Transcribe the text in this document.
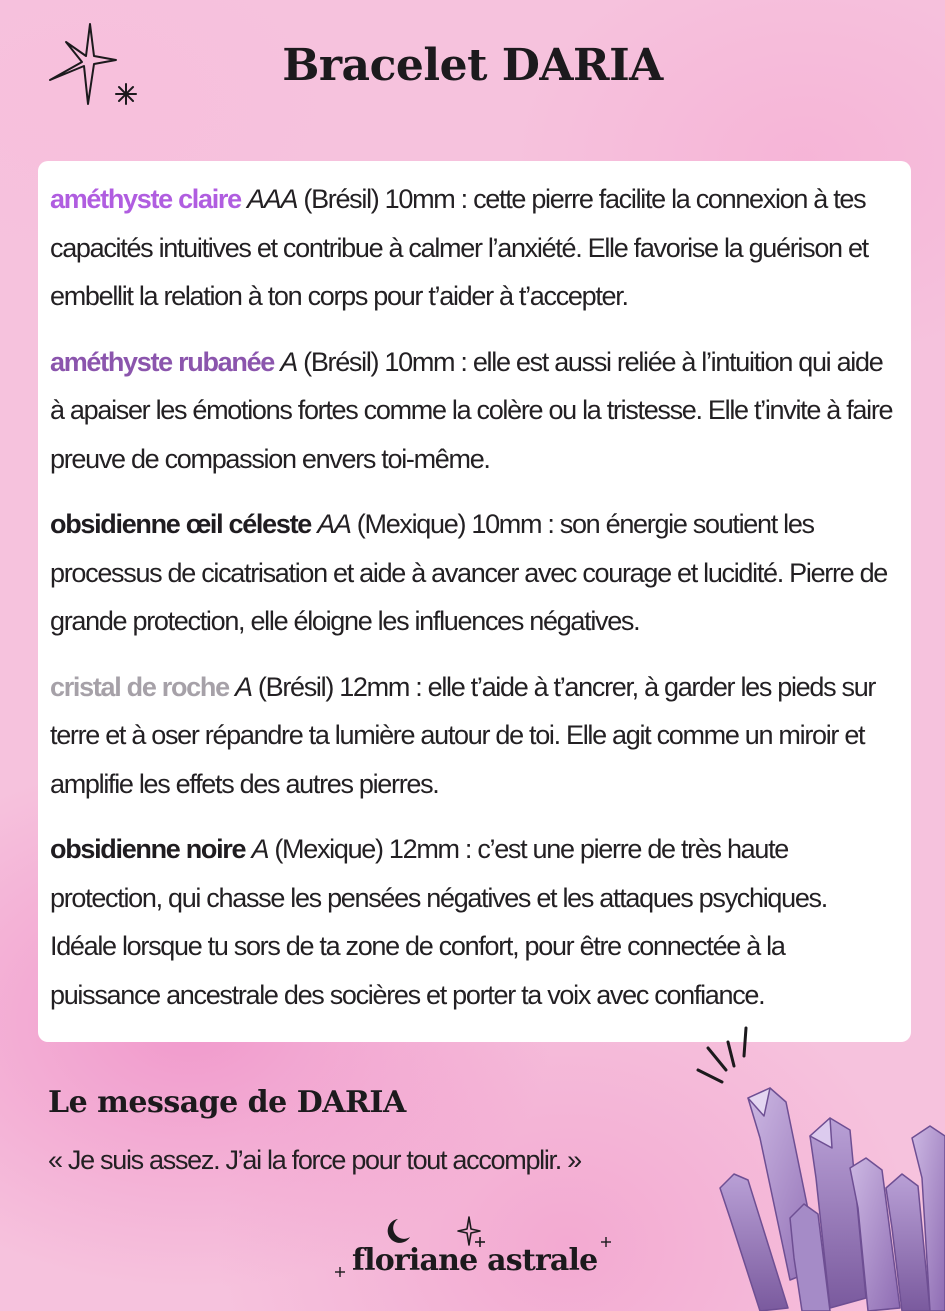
Bracelet DARIA

améthyste claire AAA (Brésil) 10mm : cette pierre facilite la connexion à tes capacités intuitives et contribue à calmer l’anxiété. Elle favorise la guérison et embellit la relation à ton corps pour t’aider à t’accepter.

améthyste rubanée A (Brésil) 10mm : elle est aussi reliée à l’intuition qui aide à apaiser les émotions fortes comme la colère ou la tristesse. Elle t’invite à faire preuve de compassion envers toi-même.

obsidienne œil céleste AA (Mexique) 10mm : son énergie soutient les processus de cicatrisation et aide à avancer avec courage et lucidité. Pierre de grande protection, elle éloigne les influences négatives.

cristal de roche A (Brésil) 12mm : elle t’aide à t’ancrer, à garder les pieds sur terre et à oser répandre ta lumière autour de toi. Elle agit comme un miroir et amplifie les effets des autres pierres.

obsidienne noire A (Mexique) 12mm : c’est une pierre de très haute protection, qui chasse les pensées négatives et les attaques psychiques. Idéale lorsque tu sors de ta zone de confort, pour être connectée à la puissance ancestrale des socières et porter ta voix avec confiance.

Le message de DARIA

« Je suis assez. J’ai la force pour tout accomplir. »

floriane astrale
